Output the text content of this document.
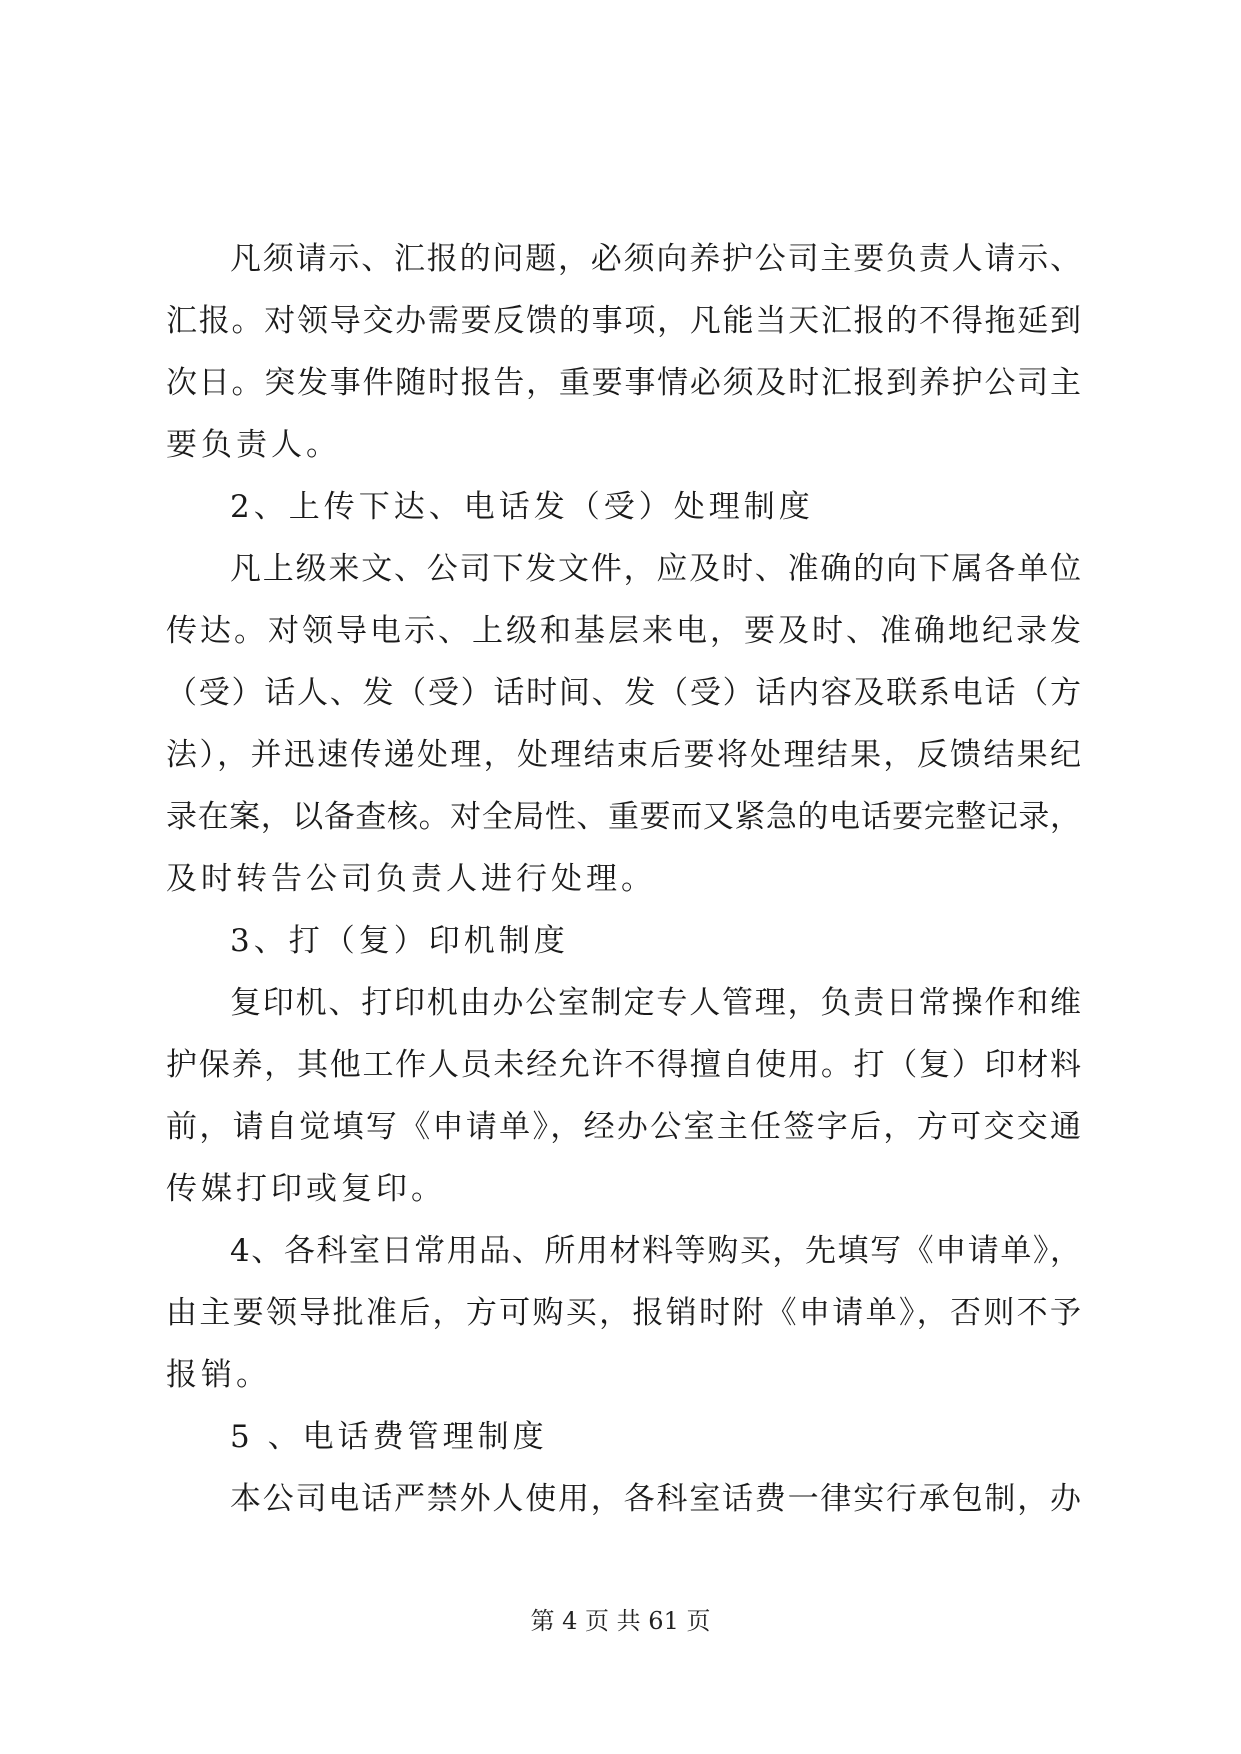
凡须请示、汇报的问题，必须向养护公司主要负责人请示、
汇报。对领导交办需要反馈的事项，凡能当天汇报的不得拖延到
次日。突发事件随时报告，重要事情必须及时汇报到养护公司主
要负责人。
2、上传下达、电话发（受）处理制度
凡上级来文、公司下发文件，应及时、准确的向下属各单位
传达。对领导电示、上级和基层来电，要及时、准确地纪录发
（受）话人、发（受）话时间、发（受）话内容及联系电话（方
法），并迅速传递处理，处理结束后要将处理结果，反馈结果纪
录在案，以备查核。对全局性、重要而又紧急的电话要完整记录，
及时转告公司负责人进行处理。
3、打（复）印机制度
复印机、打印机由办公室制定专人管理，负责日常操作和维
护保养，其他工作人员未经允许不得擅自使用。打（复）印材料
前，请自觉填写《申请单》，经办公室主任签字后，方可交交通
传媒打印或复印。
4、各科室日常用品、所用材料等购买，先填写《申请单》，
由主要领导批准后，方可购买，报销时附《申请单》，否则不予
报销。
5 、电话费管理制度
本公司电话严禁外人使用，各科室话费一律实行承包制，办
第 4 页 共 61 页
